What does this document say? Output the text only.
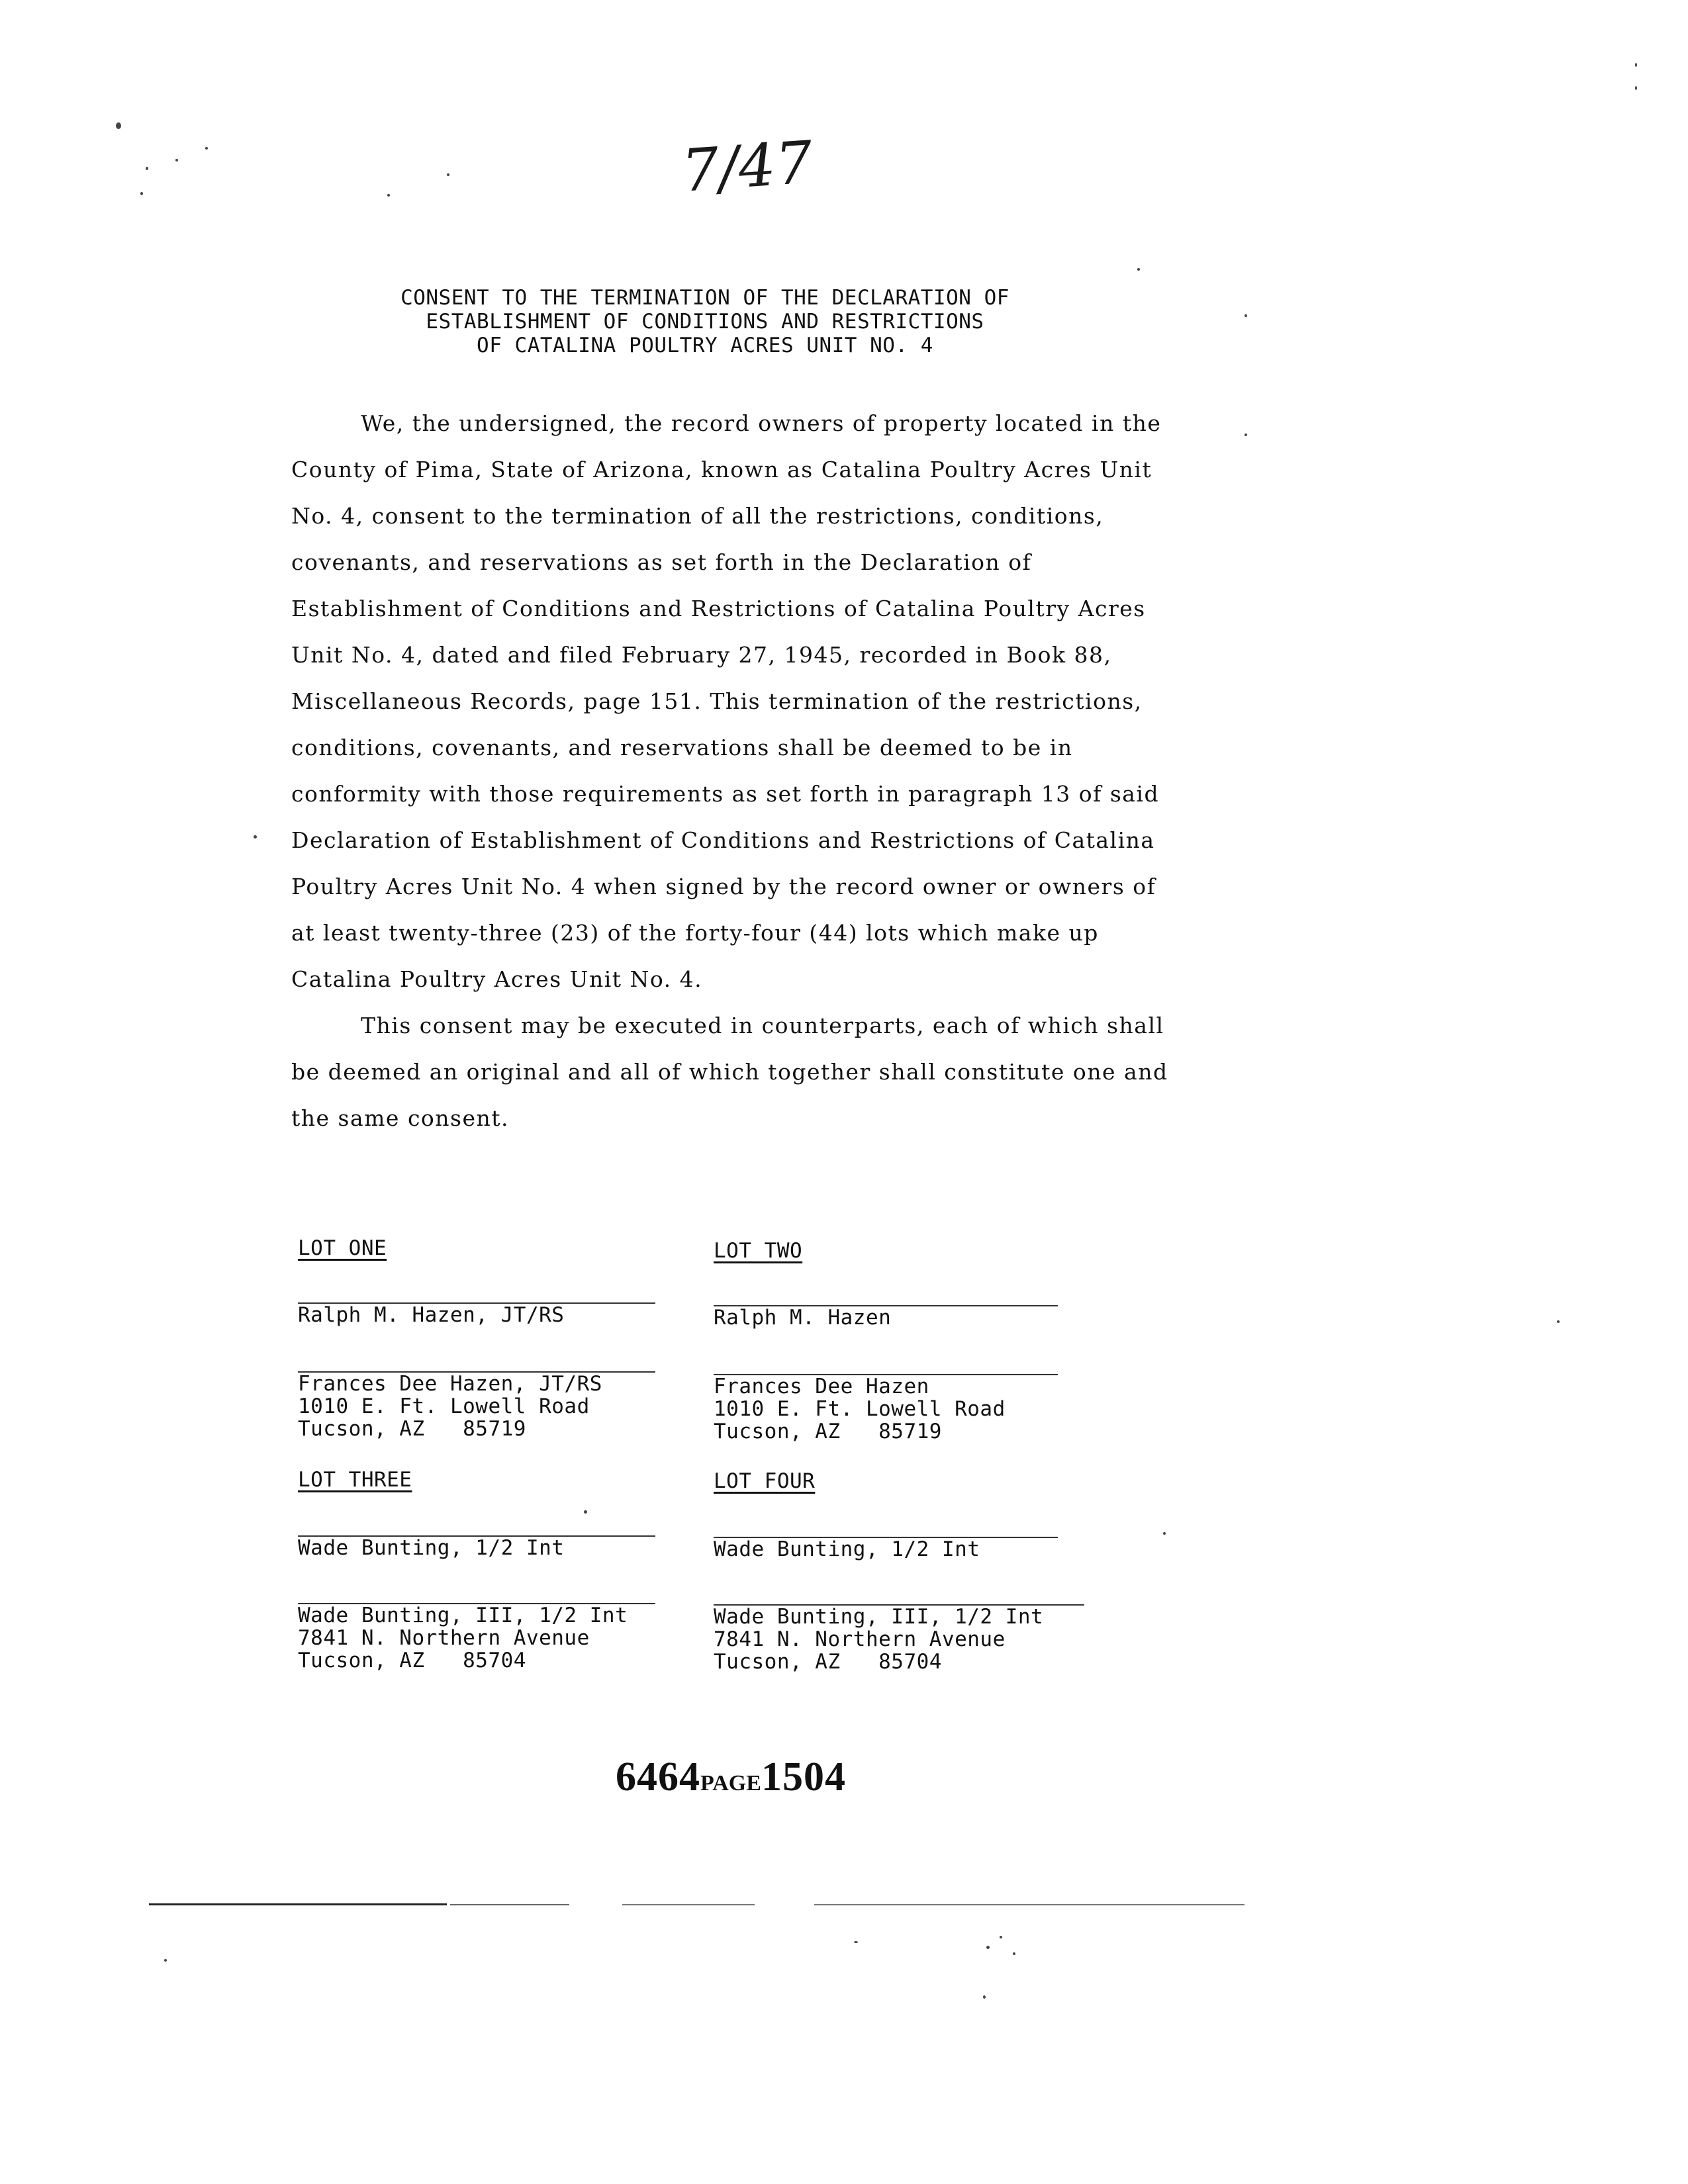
7/47
CONSENT TO THE TERMINATION OF THE DECLARATION OF
ESTABLISHMENT OF CONDITIONS AND RESTRICTIONS
OF CATALINA POULTRY ACRES UNIT NO. 4

We, the undersigned, the record owners of property located in the County of Pima, State of Arizona, known as Catalina Poultry Acres Unit No. 4, consent to the termination of all the restrictions, conditions, covenants, and reservations as set forth in the Declaration of Establishment of Conditions and Restrictions of Catalina Poultry Acres Unit No. 4, dated and filed February 27, 1945, recorded in Book 88, Miscellaneous Records, page 151. This termination of the restrictions, conditions, covenants, and reservations shall be deemed to be in conformity with those requirements as set forth in paragraph 13 of said Declaration of Establishment of Conditions and Restrictions of Catalina Poultry Acres Unit No. 4 when signed by the record owner or owners of at least twenty-three (23) of the forty-four (44) lots which make up Catalina Poultry Acres Unit No. 4.

This consent may be executed in counterparts, each of which shall be deemed an original and all of which together shall constitute one and the same consent.

LOT ONE
Ralph M. Hazen, JT/RS
Frances Dee Hazen, JT/RS
1010 E. Ft. Lowell Road
Tucson, AZ   85719
LOT TWO
Ralph M. Hazen
Frances Dee Hazen
1010 E. Ft. Lowell Road
Tucson, AZ   85719
LOT THREE
Wade Bunting, 1/2 Int
Wade Bunting, III, 1/2 Int
7841 N. Northern Avenue
Tucson, AZ   85704
LOT FOUR
Wade Bunting, 1/2 Int
Wade Bunting, III, 1/2 Int
7841 N. Northern Avenue
Tucson, AZ   85704
6464PAGE1504
